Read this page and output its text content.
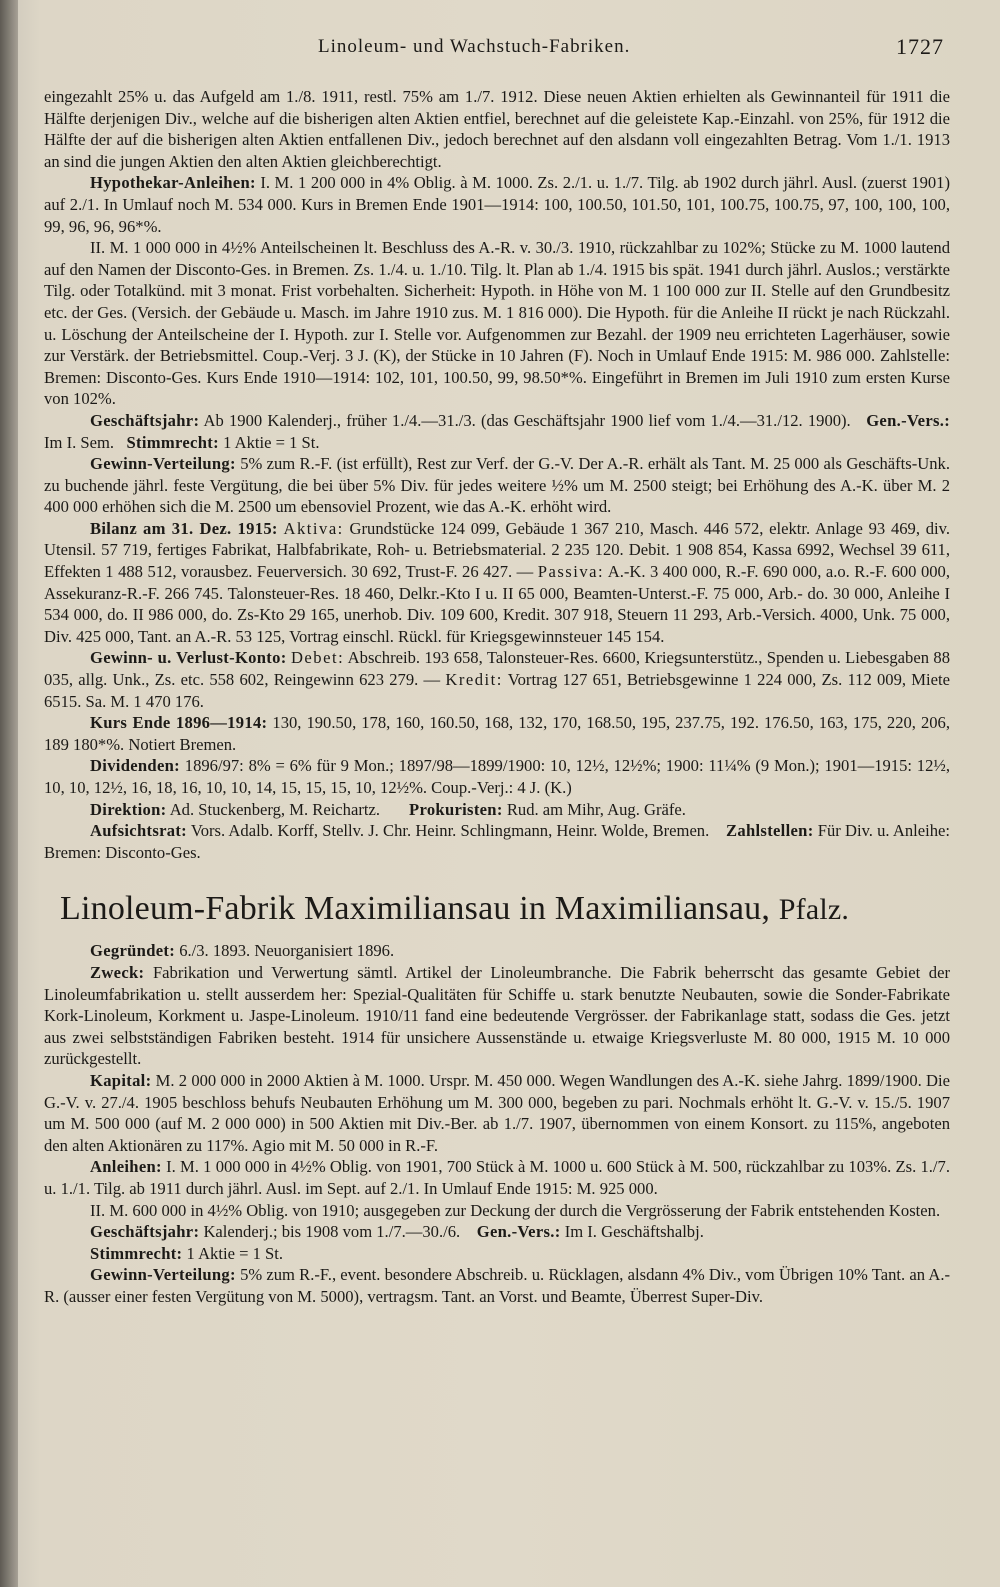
Linoleum- und Wachstuch-Fabriken.	1727

eingezahlt 25% u. das Aufgeld am 1./8. 1911, restl. 75% am 1./7. 1912. Diese neuen Aktien erhielten als Gewinnanteil für 1911 die Hälfte derjenigen Div., welche auf die bisherigen alten Aktien entfiel, berechnet auf die geleistete Kap.-Einzahl. von 25%, für 1912 die Hälfte der auf die bisherigen alten Aktien entfallenen Div., jedoch berechnet auf den alsdann voll eingezahlten Betrag. Vom 1./1. 1913 an sind die jungen Aktien den alten Aktien gleichberechtigt.

Hypothekar-Anleihen: I. M. 1 200 000 in 4% Oblig. à M. 1000. Zs. 2./1. u. 1./7. Tilg. ab 1902 durch jährl. Ausl. (zuerst 1901) auf 2./1. In Umlauf noch M. 534 000. Kurs in Bremen Ende 1901—1914: 100, 100.50, 101.50, 101, 100.75, 100.75, 97, 100, 100, 100, 99, 96, 96, 96*%.

II. M. 1 000 000 in 4½% Anteilscheinen lt. Beschluss des A.-R. v. 30./3. 1910, rückzahlbar zu 102%; Stücke zu M. 1000 lautend auf den Namen der Disconto-Ges. in Bremen. Zs. 1./4. u. 1./10. Tilg. lt. Plan ab 1./4. 1915 bis spät. 1941 durch jährl. Auslos.; verstärkte Tilg. oder Totalkünd. mit 3 monat. Frist vorbehalten. Sicherheit: Hypoth. in Höhe von M. 1 100 000 zur II. Stelle auf den Grundbesitz etc. der Ges. (Versich. der Gebäude u. Masch. im Jahre 1910 zus. M. 1 816 000). Die Hypoth. für die Anleihe II rückt je nach Rückzahl. u. Löschung der Anteilscheine der I. Hypoth. zur I. Stelle vor. Aufgenommen zur Bezahl. der 1909 neu errichteten Lagerhäuser, sowie zur Verstärk. der Betriebsmittel. Coup.-Verj. 3 J. (K), der Stücke in 10 Jahren (F). Noch in Umlauf Ende 1915: M. 986 000. Zahlstelle: Bremen: Disconto-Ges. Kurs Ende 1910—1914: 102, 101, 100.50, 99, 98.50*%. Eingeführt in Bremen im Juli 1910 zum ersten Kurse von 102%.

Geschäftsjahr: Ab 1900 Kalenderj., früher 1./4.—31./3. (das Geschäftsjahr 1900 lief vom 1./4.—31./12. 1900). Gen.-Vers.: Im I. Sem. Stimmrecht: 1 Aktie = 1 St.

Gewinn-Verteilung: 5% zum R.-F. (ist erfüllt), Rest zur Verf. der G.-V. Der A.-R. erhält als Tant. M. 25 000 als Geschäfts-Unk. zu buchende jährl. feste Vergütung, die bei über 5% Div. für jedes weitere ½% um M. 2500 steigt; bei Erhöhung des A.-K. über M. 2 400 000 erhöhen sich die M. 2500 um ebensoviel Prozent, wie das A.-K. erhöht wird.

Bilanz am 31. Dez. 1915: Aktiva: Grundstücke 124 099, Gebäude 1 367 210, Masch. 446 572, elektr. Anlage 93 469, div. Utensil. 57 719, fertiges Fabrikat, Halbfabrikate, Roh- u. Betriebsmaterial. 2 235 120. Debit. 1 908 854, Kassa 6992, Wechsel 39 611, Effekten 1 488 512, vorausbez. Feuerversich. 30 692, Trust-F. 26 427. — Passiva: A.-K. 3 400 000, R.-F. 690 000, a.o. R.-F. 600 000, Assekuranz-R.-F. 266 745. Talonsteuer-Res. 18 460, Delkr.-Kto I u. II 65 000, Beamten-Unterst.-F. 75 000, Arb.- do. 30 000, Anleihe I 534 000, do. II 986 000, do. Zs-Kto 29 165, unerhob. Div. 109 600, Kredit. 307 918, Steuern 11 293, Arb.-Versich. 4000, Unk. 75 000, Div. 425 000, Tant. an A.-R. 53 125, Vortrag einschl. Rückl. für Kriegsgewinnsteuer 145 154.

Gewinn- u. Verlust-Konto: Debet: Abschreib. 193 658, Talonsteuer-Res. 6600, Kriegsunterstütz., Spenden u. Liebesgaben 88 035, allg. Unk., Zs. etc. 558 602, Reingewinn 623 279. — Kredit: Vortrag 127 651, Betriebsgewinne 1 224 000, Zs. 112 009, Miete 6515. Sa. M. 1 470 176.

Kurs Ende 1896—1914: 130, 190.50, 178, 160, 160.50, 168, 132, 170, 168.50, 195, 237.75, 192. 176.50, 163, 175, 220, 206, 189 180*%. Notiert Bremen.

Dividenden: 1896/97: 8% = 6% für 9 Mon.; 1897/98—1899/1900: 10, 12½, 12½%; 1900: 11¼% (9 Mon.); 1901—1915: 12½, 10, 10, 12½, 16, 18, 16, 10, 10, 14, 15, 15, 15, 10, 12½%. Coup.-Verj.: 4 J. (K.)

Direktion: Ad. Stuckenberg, M. Reichartz. Prokuristen: Rud. am Mihr, Aug. Gräfe.

Aufsichtsrat: Vors. Adalb. Korff, Stellv. J. Chr. Heinr. Schlingmann, Heinr. Wolde, Bremen. Zahlstellen: Für Div. u. Anleihe: Bremen: Disconto-Ges.

Linoleum-Fabrik Maximiliansau in Maximiliansau, Pfalz.

Gegründet: 6./3. 1893. Neuorganisiert 1896.

Zweck: Fabrikation und Verwertung sämtl. Artikel der Linoleumbranche. Die Fabrik beherrscht das gesamte Gebiet der Linoleumfabrikation u. stellt ausserdem her: Spezial-Qualitäten für Schiffe u. stark benutzte Neubauten, sowie die Sonder-Fabrikate Kork-Linoleum, Korkment u. Jaspe-Linoleum. 1910/11 fand eine bedeutende Vergrösser. der Fabrikanlage statt, sodass die Ges. jetzt aus zwei selbstständigen Fabriken besteht. 1914 für unsichere Aussenstände u. etwaige Kriegsverluste M. 80 000, 1915 M. 10 000 zurückgestellt.

Kapital: M. 2 000 000 in 2000 Aktien à M. 1000. Urspr. M. 450 000. Wegen Wandlungen des A.-K. siehe Jahrg. 1899/1900. Die G.-V. v. 27./4. 1905 beschloss behufs Neubauten Erhöhung um M. 300 000, begeben zu pari. Nochmals erhöht lt. G.-V. v. 15./5. 1907 um M. 500 000 (auf M. 2 000 000) in 500 Aktien mit Div.-Ber. ab 1./7. 1907, übernommen von einem Konsort. zu 115%, angeboten den alten Aktionären zu 117%. Agio mit M. 50 000 in R.-F.

Anleihen: I. M. 1 000 000 in 4½% Oblig. von 1901, 700 Stück à M. 1000 u. 600 Stück à M. 500, rückzahlbar zu 103%. Zs. 1./7. u. 1./1. Tilg. ab 1911 durch jährl. Ausl. im Sept. auf 2./1. In Umlauf Ende 1915: M. 925 000.

II. M. 600 000 in 4½% Oblig. von 1910; ausgegeben zur Deckung der durch die Vergrösserung der Fabrik entstehenden Kosten.

Geschäftsjahr: Kalenderj.; bis 1908 vom 1./7.—30./6. Gen.-Vers.: Im I. Geschäftshalbj.

Stimmrecht: 1 Aktie = 1 St.

Gewinn-Verteilung: 5% zum R.-F., event. besondere Abschreib. u. Rücklagen, alsdann 4% Div., vom Übrigen 10% Tant. an A.-R. (ausser einer festen Vergütung von M. 5000), vertragsm. Tant. an Vorst. und Beamte, Überrest Super-Div.
